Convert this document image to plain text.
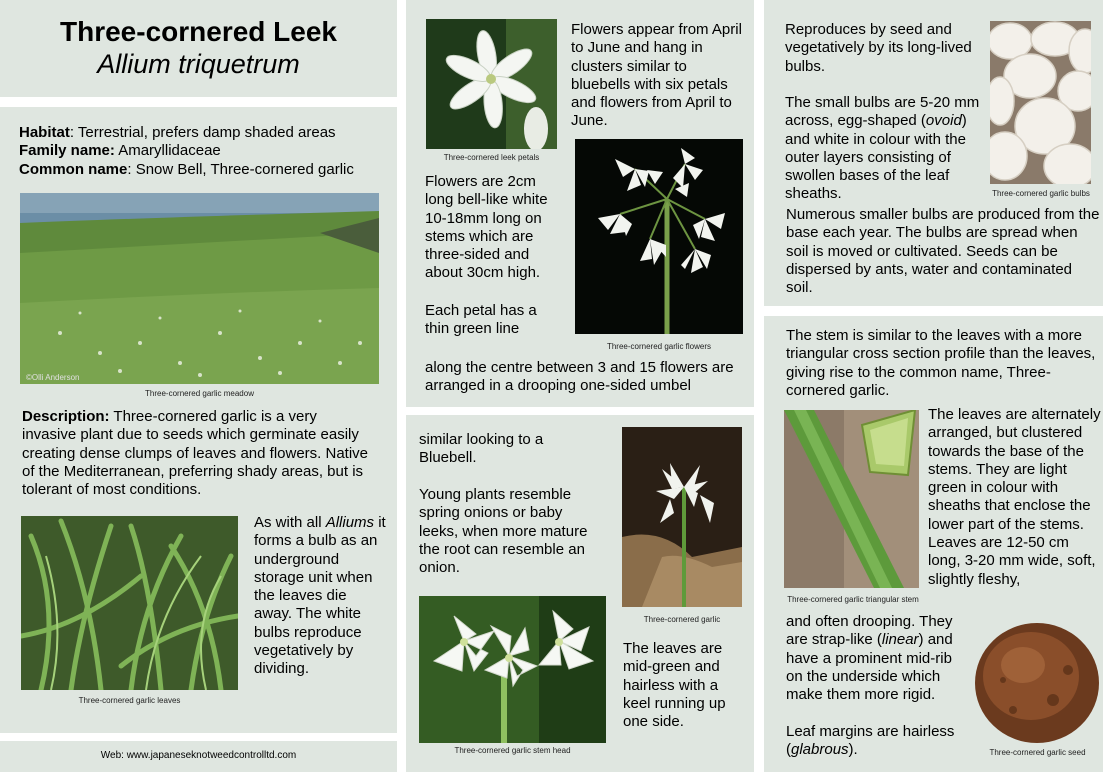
Three-cornered Leek
Allium triquetrum
Habitat: Terrestrial, prefers damp shaded areas
Family name: Amaryllidaceae
Common name: Snow Bell, Three-cornered garlic
©Olli Anderson
Three-cornered garlic meadow
Description: Three-cornered garlic is a very invasive plant due to seeds which germinate easily creating dense clumps of leaves and flowers. Native of the Mediterranean, preferring shady areas, but is tolerant of most conditions.
Three-cornered garlic leaves
As with all Alliums it forms a bulb as an underground storage unit when the leaves die away. The white bulbs reproduce vegetatively by dividing.
Web: www.japaneseknotweedcontrolltd.com
Three-cornered leek petals
Flowers appear from April to June and hang in clusters similar to bluebells with six petals and flowers from April to June.
Flowers are 2cm long bell-like white 10-18mm long on stems which are three-sided and about 30cm high.
Each petal has a thin green line
Three-cornered garlic flowers
along the centre between 3 and 15 flowers are arranged in a drooping one-sided umbel
similar looking to a Bluebell.
Young plants resemble spring onions or baby leeks, when more mature the root can resemble an onion.
Three-cornered garlic
Three-cornered garlic stem head
The leaves are mid-green and hairless with a keel running up one side.
Reproduces by seed and vegetatively by its long-lived bulbs.
The small bulbs are 5-20 mm across, egg-shaped (ovoid) and white in colour with the outer layers consisting of swollen bases of the leaf sheaths.	Three-cornered garlic bulbs
Numerous smaller bulbs are produced from the base each year. The bulbs are spread when soil is moved or cultivated. Seeds can be dispersed by ants, water and contaminated soil.
The stem is similar to the leaves with a more triangular cross section profile than the leaves, giving rise to the common name, Three-cornered garlic.
Three-cornered garlic triangular stem
The leaves are alternately arranged, but clustered towards the base of the stems. They are light green in colour with sheaths that enclose the lower part of the stems. Leaves are 12-50 cm long, 3-20 mm wide, soft, slightly fleshy,
and often drooping. They are strap-like (linear) and have a prominent mid-rib on the underside which make them more rigid.
Leaf margins are hairless (glabrous).	Three-cornered garlic seed
